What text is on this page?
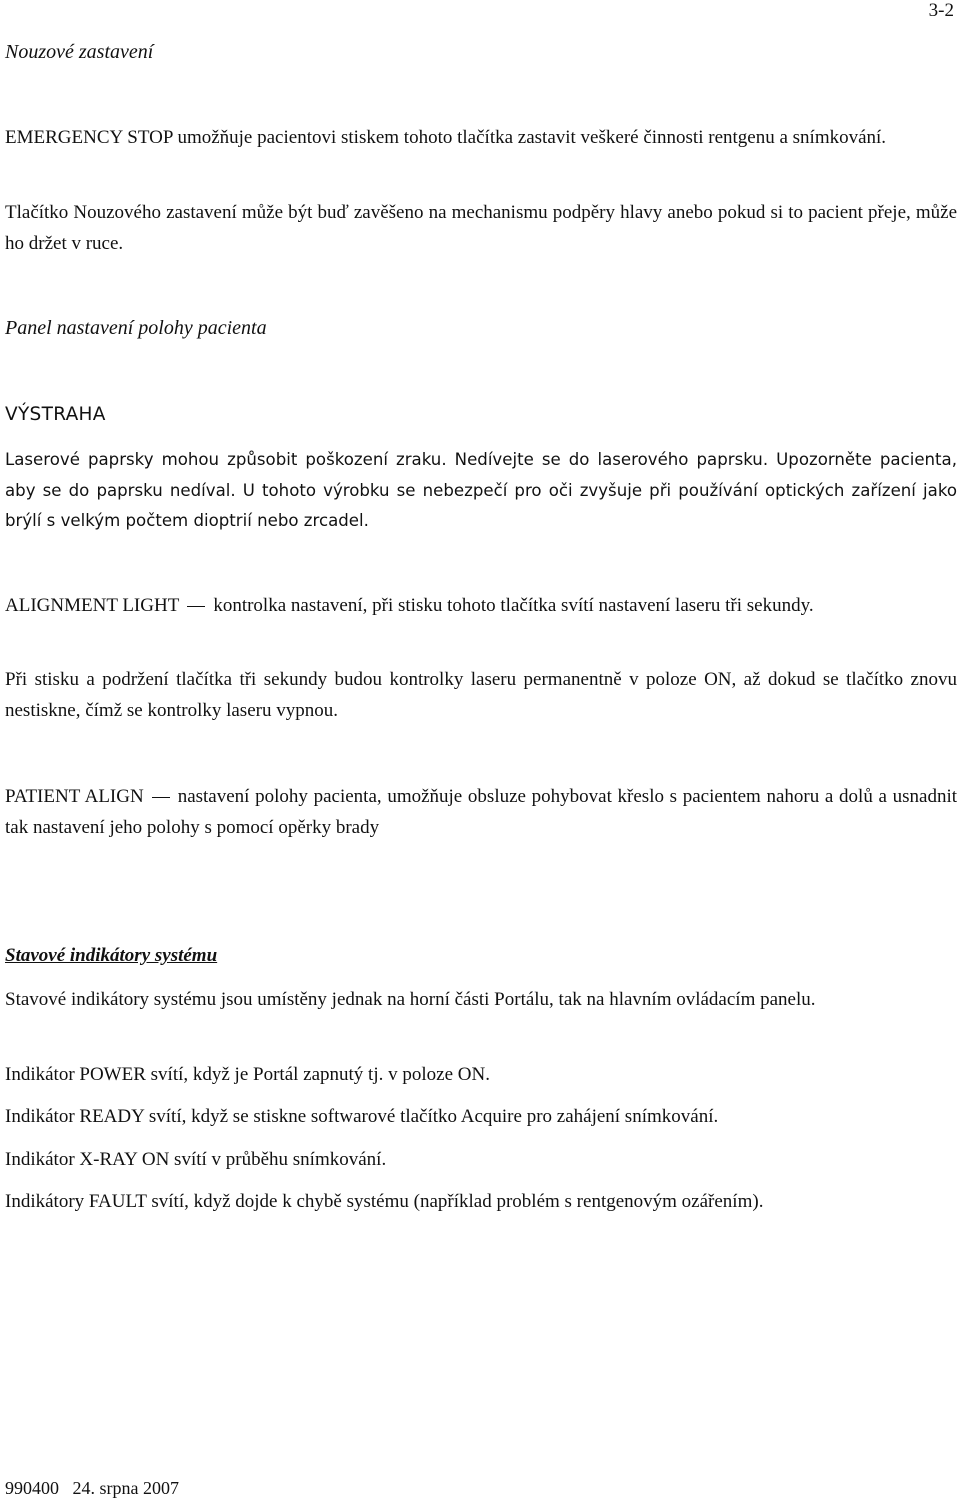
3-2
Nouzové zastavení

EMERGENCY STOP umožňuje pacientovi stiskem tohoto tlačítka zastavit veškeré činnosti rentgenu a snímkování.

Tlačítko Nouzového zastavení může být buď zavěšeno na mechanismu podpěry hlavy anebo pokud si to pacient přeje, může ho držet v ruce.

Panel nastavení polohy pacienta
VÝSTRAHA

Laserové paprsky mohou způsobit poškození zraku. Nedívejte se do laserového paprsku. Upozorněte pacienta, aby se do paprsku nedíval. U tohoto výrobku se nebezpečí pro oči zvyšuje při používání optických zařízení jako brýlí s velkým počtem dioptrií nebo zrcadel.

ALIGNMENT LIGHT kontrolka nastavení, při stisku tohoto tlačítka svítí nastavení laseru tři sekundy.

Při stisku a podržení tlačítka tři sekundy budou kontrolky laseru permanentně v poloze ON, až dokud se tlačítko znovu nestiskne, čímž se kontrolky laseru vypnou.

PATIENT ALIGN nastavení polohy pacienta, umožňuje obsluze pohybovat křeslo s pacientem nahoru a dolů a usnadnit tak nastavení jeho polohy s pomocí opěrky brady

Stavové indikátory systému

Stavové indikátory systému jsou umístěny jednak na horní části Portálu, tak na hlavním ovládacím panelu.

Indikátor POWER svítí, když je Portál zapnutý tj. v poloze ON.
Indikátor READY svítí, když se stiskne softwarové tlačítko Acquire pro zahájení snímkování.
Indikátor X-RAY ON svítí v průběhu snímkování.
Indikátory FAULT svítí, když dojde k chybě systému (například problém s rentgenovým ozářením).
990400 24. srpna 2007
